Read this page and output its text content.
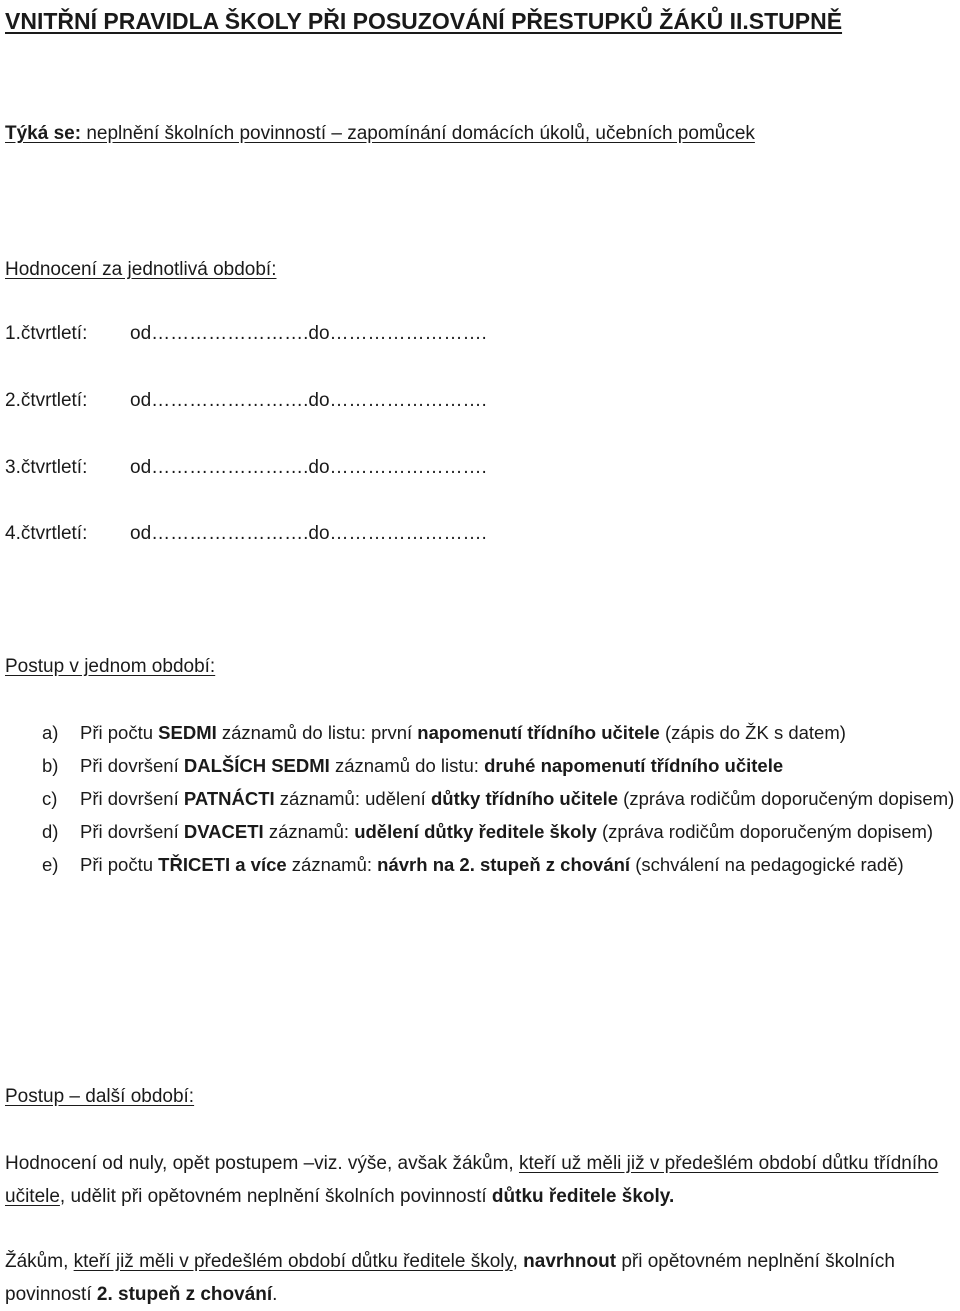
VNITŘNÍ PRAVIDLA ŠKOLY PŘI POSUZOVÁNÍ PŘESTUPKŮ ŽÁKŮ II.STUPNĚ
Týká se: neplnění školních povinností – zapomínání domácích úkolů, učebních pomůcek
Hodnocení za jednotlivá období:
1.čtvrtletí: od…………………….do…………………….
2.čtvrtletí: od…………………….do…………………….
3.čtvrtletí: od…………………….do…………………….
4.čtvrtletí: od…………………….do…………………….
Postup v jednom období:
a) Při počtu SEDMI záznamů do listu: první napomenutí třídního učitele (zápis do ŽK s datem)
b) Při dovršení DALŠÍCH SEDMI záznamů do listu: druhé napomenutí třídního učitele
c) Při dovršení PATNÁCTI záznamů: udělení důtky třídního učitele (zpráva rodičům doporučeným dopisem)
d) Při dovršení DVACETI záznamů: udělení důtky ředitele školy (zpráva rodičům doporučeným dopisem)
e) Při počtu TŘICETI a více záznamů: návrh na 2. stupeň z chování (schválení na pedagogické radě)
Postup – další období:
Hodnocení od nuly, opět postupem –viz. výše, avšak žákům, kteří už měli již v předešlém období důtku třídního učitele, udělit při opětovném neplnění školních povinností důtku ředitele školy.
Žákům, kteří již měli v předešlém období důtku ředitele školy, navrhnout při opětovném neplnění školních povinností 2. stupeň z chování.
